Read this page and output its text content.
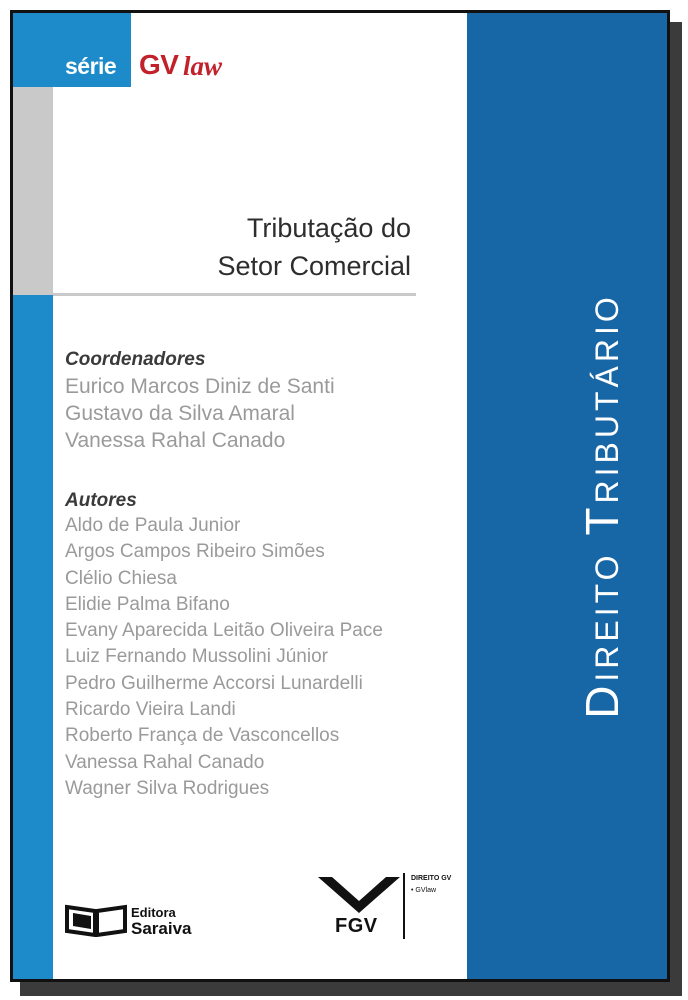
série GV law
Tributação do
Setor Comercial
Coordenadores
Eurico Marcos Diniz de Santi
Gustavo da Silva Amaral
Vanessa Rahal Canado
Autores
Aldo de Paula Junior
Argos Campos Ribeiro Simões
Clélio Chiesa
Elidie Palma Bifano
Evany Aparecida Leitão Oliveira Pace
Luiz Fernando Mussolini Júnior
Pedro Guilherme Accorsi Lunardelli
Ricardo Vieira Landi
Roberto França de Vasconcellos
Vanessa Rahal Canado
Wagner Silva Rodrigues
Direito Tributário
Editora
Saraiva	FGV
DIREITO GV
• GVlaw
